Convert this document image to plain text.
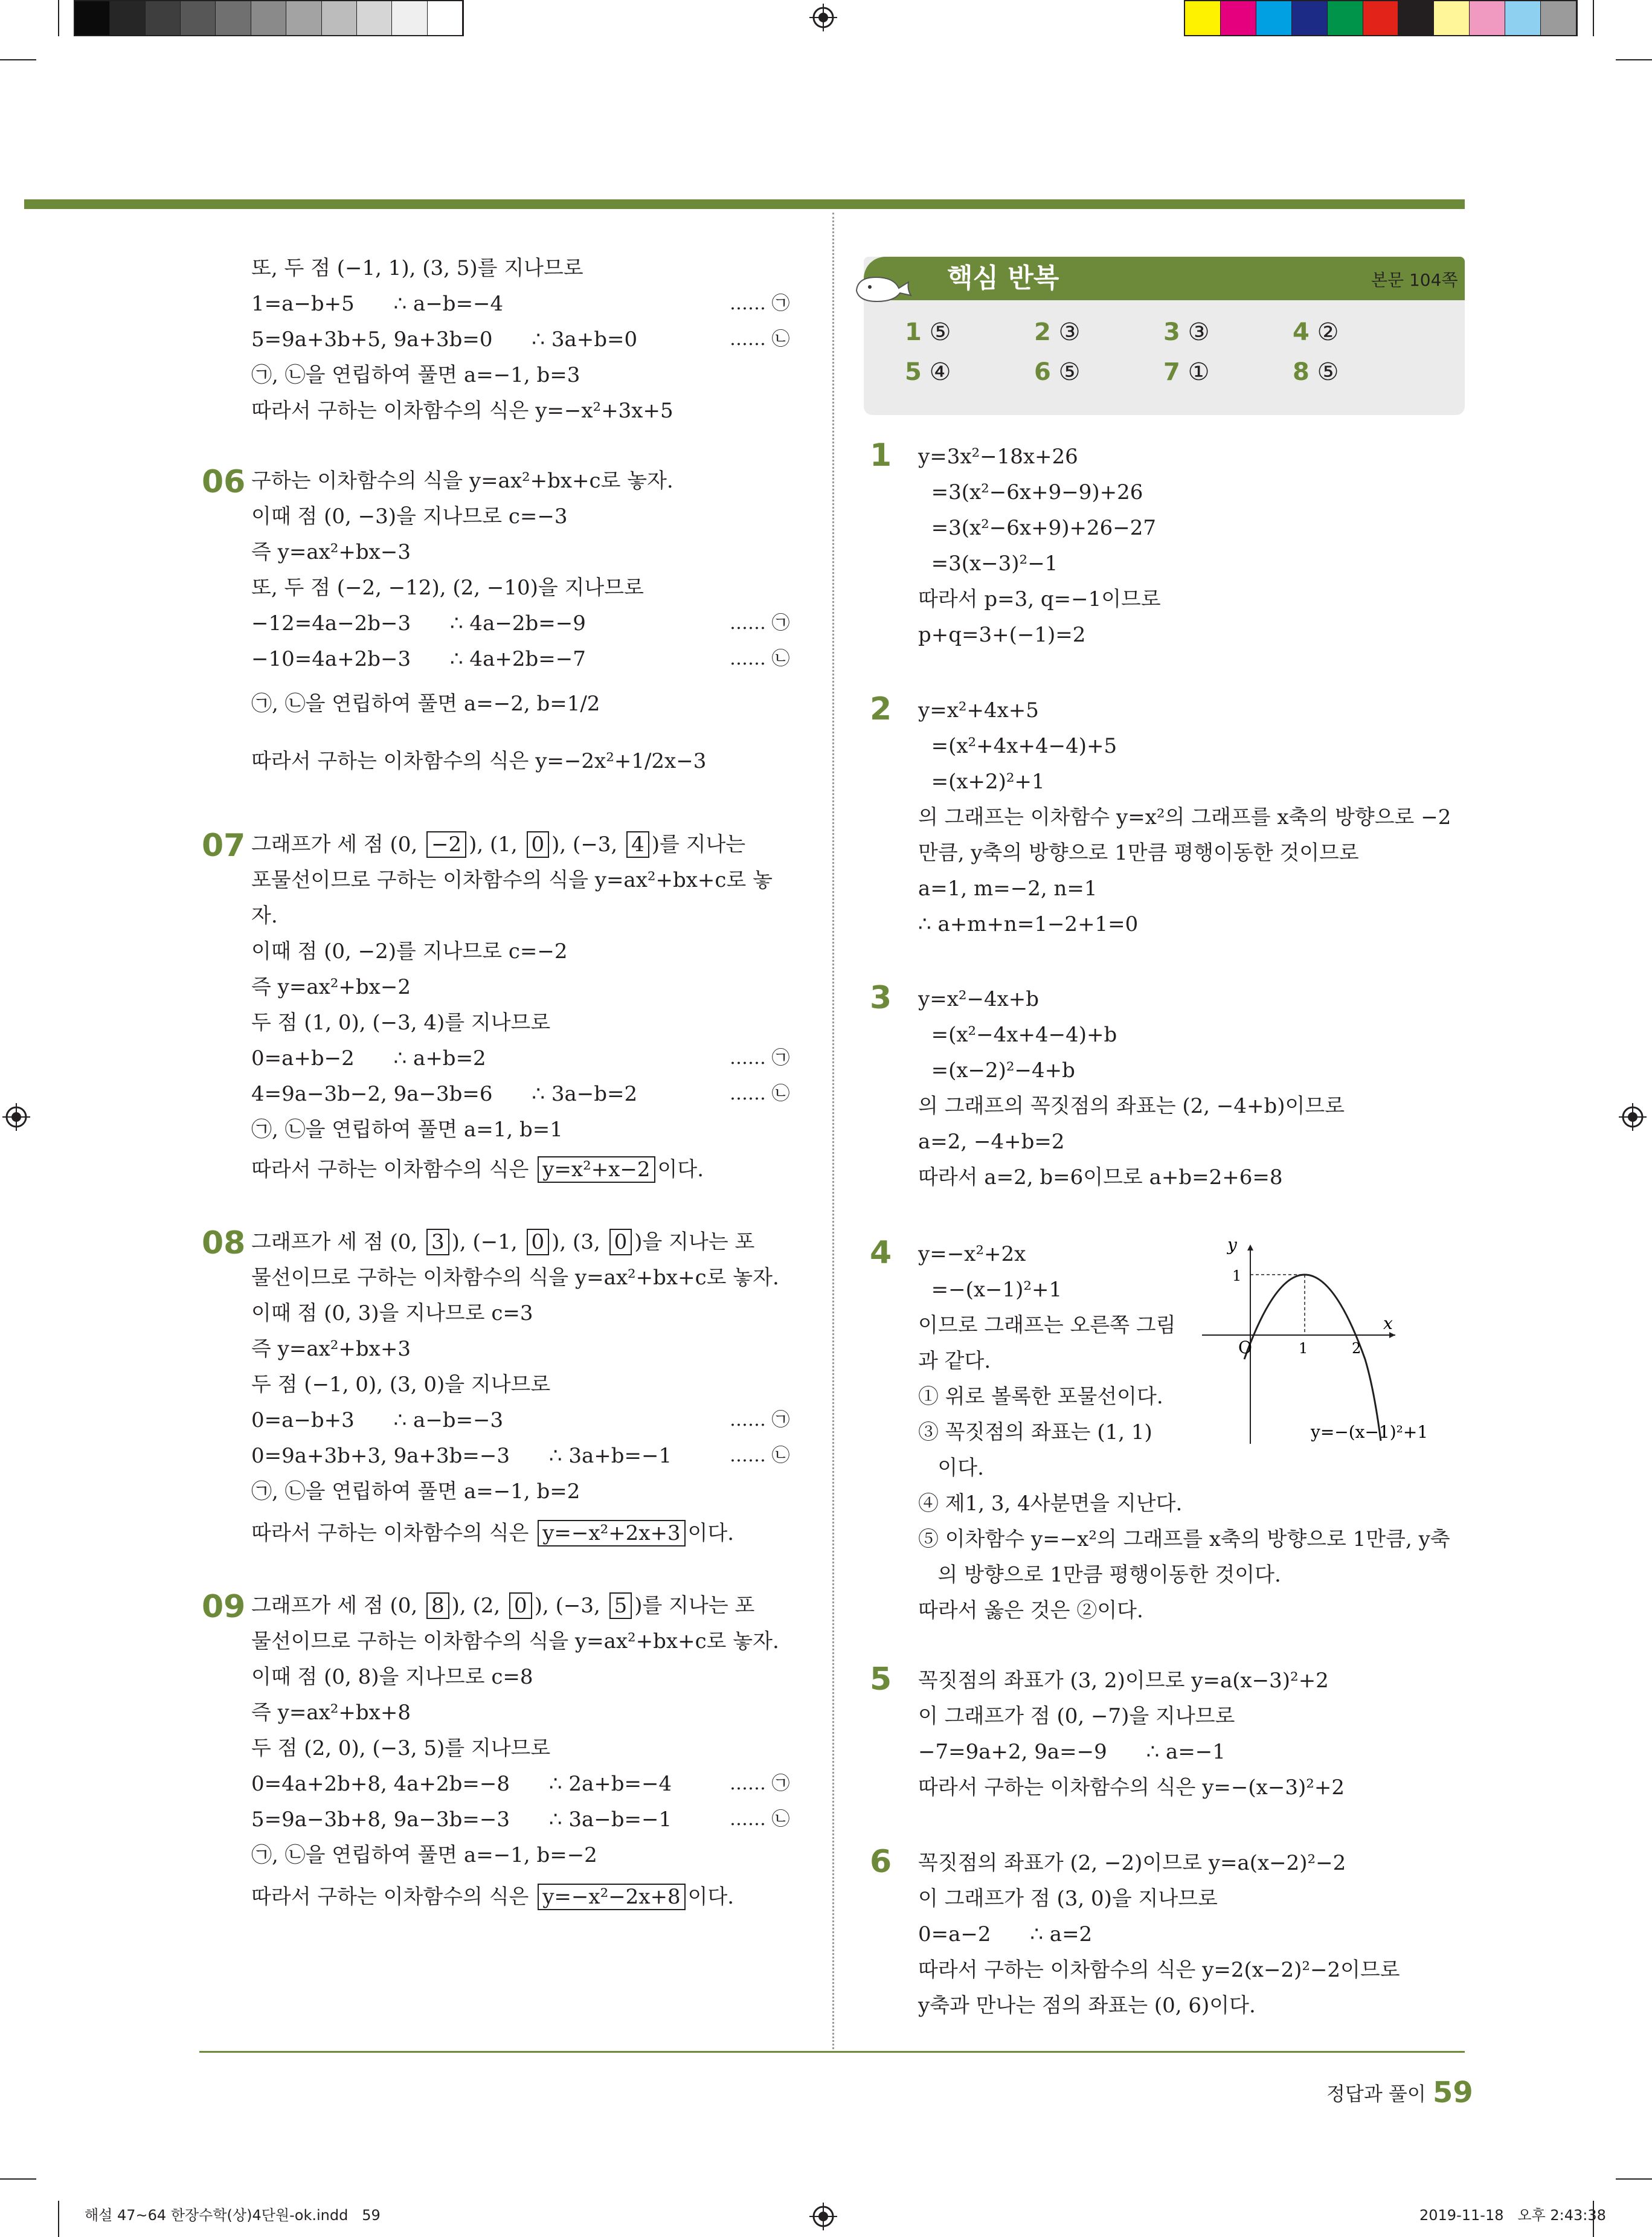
또, 두 점 (−1, 1), (3, 5)를 지나므로
1=a−b+5      ∴ a−b=−4	…… ㉠
5=9a+3b+5, 9a+3b=0      ∴ 3a+b=0	…… ㉡
㉠, ㉡을 연립하여 풀면 a=−1, b=3
따라서 구하는 이차함수의 식은 y=−x²+3x+5
06 구하는 이차함수의 식을 y=ax²+bx+c로 놓자.
이때 점 (0, −3)을 지나므로 c=−3
즉 y=ax²+bx−3
또, 두 점 (−2, −12), (2, −10)을 지나므로
−12=4a−2b−3      ∴ 4a−2b=−9	…… ㉠
−10=4a+2b−3      ∴ 4a+2b=−7	…… ㉡
㉠, ㉡을 연립하여 풀면 a=−2, b=1/2
따라서 구하는 이차함수의 식은 y=−2x²+1/2x−3
07 그래프가 세 점 (0, −2 ), (1, 0 ), (−3, 4 )를 지나는
포물선이므로 구하는 이차함수의 식을 y=ax²+bx+c로 놓
자.
이때 점 (0, −2)를 지나므로 c=−2
즉 y=ax²+bx−2
두 점 (1, 0), (−3, 4)를 지나므로
0=a+b−2      ∴ a+b=2	…… ㉠
4=9a−3b−2, 9a−3b=6      ∴ 3a−b=2	…… ㉡
㉠, ㉡을 연립하여 풀면 a=1, b=1
따라서 구하는 이차함수의 식은 y=x²+x−2 이다.
08 그래프가 세 점 (0, 3 ), (−1, 0 ), (3, 0 )을 지나는 포
물선이므로 구하는 이차함수의 식을 y=ax²+bx+c로 놓자.
이때 점 (0, 3)을 지나므로 c=3
즉 y=ax²+bx+3
두 점 (−1, 0), (3, 0)을 지나므로
0=a−b+3      ∴ a−b=−3	…… ㉠
0=9a+3b+3, 9a+3b=−3      ∴ 3a+b=−1	…… ㉡
㉠, ㉡을 연립하여 풀면 a=−1, b=2
따라서 구하는 이차함수의 식은 y=−x²+2x+3 이다.
09 그래프가 세 점 (0, 8 ), (2, 0 ), (−3, 5 )를 지나는 포
물선이므로 구하는 이차함수의 식을 y=ax²+bx+c로 놓자.
이때 점 (0, 8)을 지나므로 c=8
즉 y=ax²+bx+8
두 점 (2, 0), (−3, 5)를 지나므로
0=4a+2b+8, 4a+2b=−8      ∴ 2a+b=−4	…… ㉠
5=9a−3b+8, 9a−3b=−3      ∴ 3a−b=−1	…… ㉡
㉠, ㉡을 연립하여 풀면 a=−1, b=−2
따라서 구하는 이차함수의 식은 y=−x²−2x+8 이다.
핵심 반복	본문 104쪽
1 ⑤	2 ③	3 ③	4 ②
5 ④	6 ⑤	7 ①	8 ⑤
1 y=3x²−18x+26
=3(x²−6x+9−9)+26
=3(x²−6x+9)+26−27
=3(x−3)²−1
따라서 p=3, q=−1이므로
p+q=3+(−1)=2
2 y=x²+4x+5
=(x²+4x+4−4)+5
=(x+2)²+1
의 그래프는 이차함수 y=x²의 그래프를 x축의 방향으로 −2
만큼, y축의 방향으로 1만큼 평행이동한 것이므로
a=1, m=−2, n=1
∴ a+m+n=1−2+1=0
3 y=x²−4x+b
=(x²−4x+4−4)+b
=(x−2)²−4+b
의 그래프의 꼭짓점의 좌표는 (2, −4+b)이므로
a=2, −4+b=2
따라서 a=2, b=6이므로 a+b=2+6=8
4 y=−x²+2x
=−(x−1)²+1
이므로 그래프는 오른쪽 그림
과 같다.
① 위로 볼록한 포물선이다.
③ 꼭짓점의 좌표는 (1, 1)
이다.
④ 제1, 3, 4사분면을 지난다.
⑤ 이차함수 y=−x²의 그래프를 x축의 방향으로 1만큼, y축
의 방향으로 1만큼 평행이동한 것이다.
따라서 옳은 것은 ②이다.
y
x
O	1	2
1
y=−(x−1)²+1
5 꼭짓점의 좌표가 (3, 2)이므로 y=a(x−3)²+2
이 그래프가 점 (0, −7)을 지나므로
−7=9a+2, 9a=−9      ∴ a=−1
따라서 구하는 이차함수의 식은 y=−(x−3)²+2
6 꼭짓점의 좌표가 (2, −2)이므로 y=a(x−2)²−2
이 그래프가 점 (3, 0)을 지나므로
0=a−2      ∴ a=2
따라서 구하는 이차함수의 식은 y=2(x−2)²−2이므로
y축과 만나는 점의 좌표는 (0, 6)이다.
정답과 풀이 59
해설 47~64 한장수학(상)4단원-ok.indd   59	2019-11-18   오후 2:43:38
